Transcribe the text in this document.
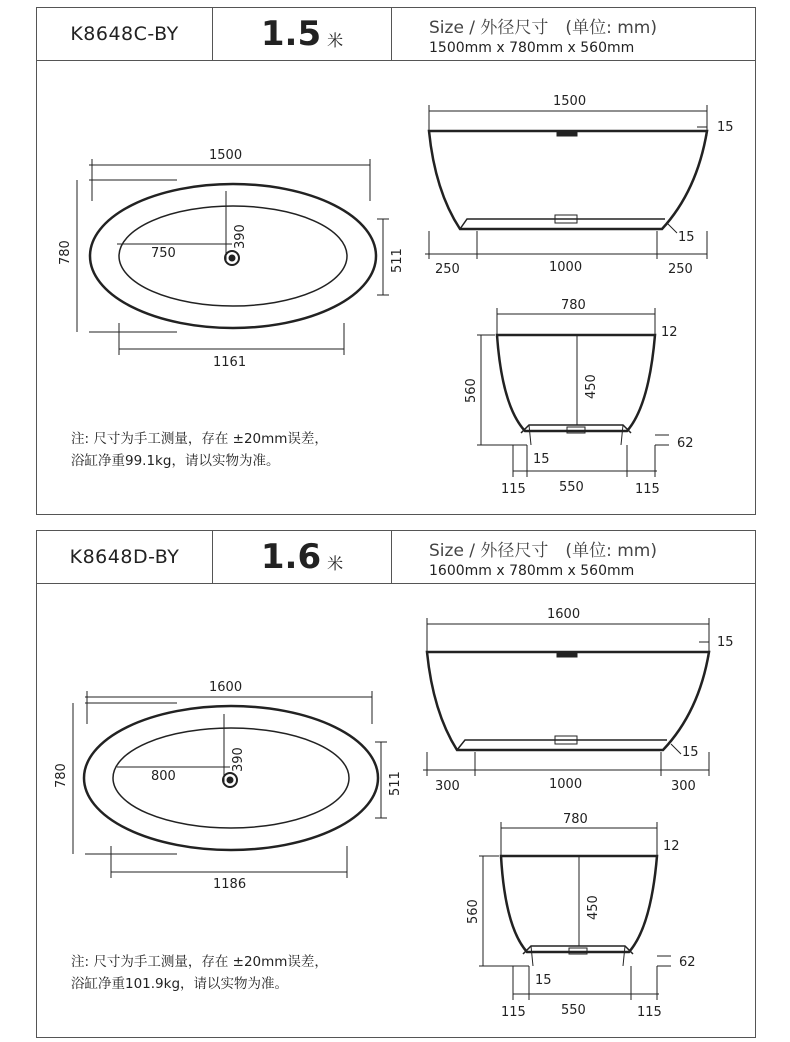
K8648C-BY	1.5 米
Size / 外径尺寸　(单位: mm)
1500mm x 780mm x 560mm
1500
780	750
390
511
1161
1500
15
250	1000	250
15
780
12
560	450
62
15
115	550	115
注: 尺寸为手工测量，存在 ±20mm误差，
浴缸净重99.1kg，请以实物为准。
K8648D-BY	1.6 米
Size / 外径尺寸　(单位: mm)
1600mm x 780mm x 560mm
1600
780	800
390
511
1186
1600
15
300	1000	300
15
780
12
560	450
62
15
115	550	115
注: 尺寸为手工测量，存在 ±20mm误差，
浴缸净重101.9kg，请以实物为准。
